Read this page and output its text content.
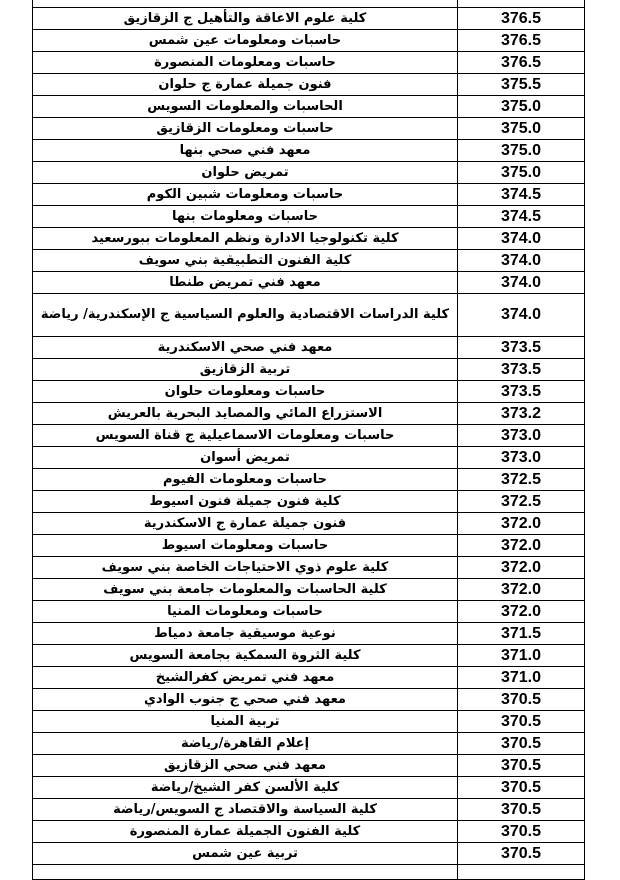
كلية علوم الاعاقة والتأهيل ج الزقازيق	376.5
حاسبات ومعلومات عين شمس	376.5
حاسبات ومعلومات المنصورة	376.5
فنون جميلة عمارة ج حلوان	375.5
الحاسبات والمعلومات السويس	375.0
حاسبات ومعلومات الزقازيق	375.0
معهد فني صحي بنها	375.0
تمريض حلوان	375.0
حاسبات ومعلومات شبين الكوم	374.5
حاسبات ومعلومات بنها	374.5
كلية تكنولوجيا الادارة ونظم المعلومات ببورسعيد	374.0
كلية الفنون التطبيقية بني سويف	374.0
معهد فني تمريض طنطا	374.0
كلية الدراسات الاقتصادية والعلوم السياسية ج الإسكندرية/ رياضة	374.0
معهد فني صحي الاسكندرية	373.5
تربية الزقازيق	373.5
حاسبات ومعلومات حلوان	373.5
الاستزراع المائي والمصايد البحرية بالعريش	373.2
حاسبات ومعلومات الاسماعيلية ج قناة السويس	373.0
تمريض أسوان	373.0
حاسبات ومعلومات الفيوم	372.5
كلية فنون جميلة فنون اسيوط	372.5
فنون جميلة عمارة ج الاسكندرية	372.0
حاسبات ومعلومات اسيوط	372.0
كلية علوم ذوي الاحتياجات الخاصة بني سويف	372.0
كلية الحاسبات والمعلومات جامعة بني سويف	372.0
حاسبات ومعلومات المنيا	372.0
نوعية موسيقية جامعة دمياط	371.5
كلية الثروة السمكية بجامعة السويس	371.0
معهد فني تمريض كفرالشيخ	371.0
معهد فني صحي ج جنوب الوادي	370.5
تربية المنيا	370.5
إعلام القاهرة/رياضة	370.5
معهد فني صحي الزقازيق	370.5
كلية الألسن كفر الشيخ/رياضة	370.5
كلية السياسة والاقتصاد ج السويس/رياضة	370.5
كلية الفنون الجميلة عمارة المنصورة	370.5
تربية عين شمس	370.5
